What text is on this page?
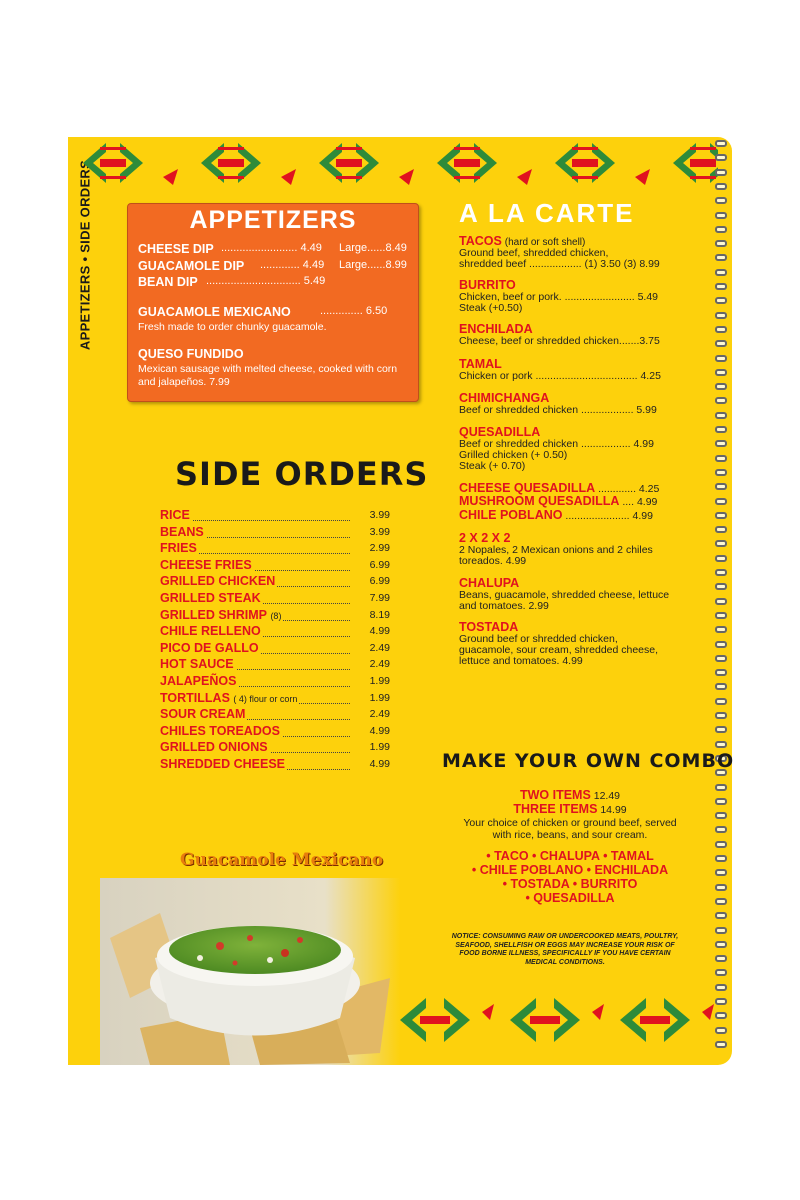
APPETIZERS • SIDE ORDERS	APPETIZERS
CHEESE DIP ......................... 4.49 Large......8.49
GUACAMOLE DIP ............. 4.49 Large......8.99
BEAN DIP ............................... 5.49
GUACAMOLE MEXICANO	.............. 6.50
Fresh made to order chunky guacamole.
QUESO FUNDIDO
Mexican sausage with melted cheese, cooked with corn and jalapeños. 7.99
SIDE ORDERS
RICE	3.99
BEANS	3.99
FRIES	2.99
CHEESE FRIES	6.99
GRILLED CHICKEN	6.99
GRILLED STEAK	7.99
GRILLED SHRIMP (8)	8.19
CHILE RELLENO	4.99
PICO DE GALLO	2.49
HOT SAUCE	2.49
JALAPEÑOS	1.99
TORTILLAS ( 4) flour or corn	1.99
SOUR CREAM	2.49
CHILES TOREADOS	4.99
GRILLED ONIONS	1.99
SHREDDED CHEESE	4.99
A LA CARTE
TACOS (hard or soft shell)
Ground beef, shredded chicken,
shredded beef .................. (1) 3.50 (3) 8.99
BURRITO
Chicken, beef or pork. ........................ 5.49
Steak (+0.50)
ENCHILADA
Cheese, beef or shredded chicken.......3.75
TAMAL
Chicken or pork ................................... 4.25
CHIMICHANGA
Beef or shredded chicken .................. 5.99
QUESADILLA
Beef or shredded chicken ................. 4.99
Grilled chicken (+ 0.50)
Steak (+ 0.70)
CHEESE QUESADILLA ............. 4.25
MUSHROOM QUESADILLA .... 4.99
CHILE POBLANO ...................... 4.99
2 X 2 X 2
2 Nopales, 2 Mexican onions and 2 chiles
toreados. 4.99
CHALUPA
Beans, guacamole, shredded cheese, lettuce
and tomatoes. 2.99
TOSTADA
Ground beef or shredded chicken,
guacamole, sour cream, shredded cheese,
lettuce and tomatoes. 4.99
MAKE YOUR OWN COMBO
TWO ITEMS 12.49
THREE ITEMS 14.99
Your choice of chicken or ground beef, served
with rice, beans, and sour cream.
• TACO • CHALUPA • TAMAL
• CHILE POBLANO • ENCHILADA
• TOSTADA • BURRITO
• QUESADILLA
NOTICE: CONSUMING RAW OR UNDERCOOKED MEATS, POULTRY, SEAFOOD, SHELLFISH OR EGGS MAY INCREASE YOUR RISK OF FOOD BORNE ILLNESS, SPECIFICALLY IF YOU HAVE CERTAIN MEDICAL CONDITIONS.
Guacamole Mexicano
